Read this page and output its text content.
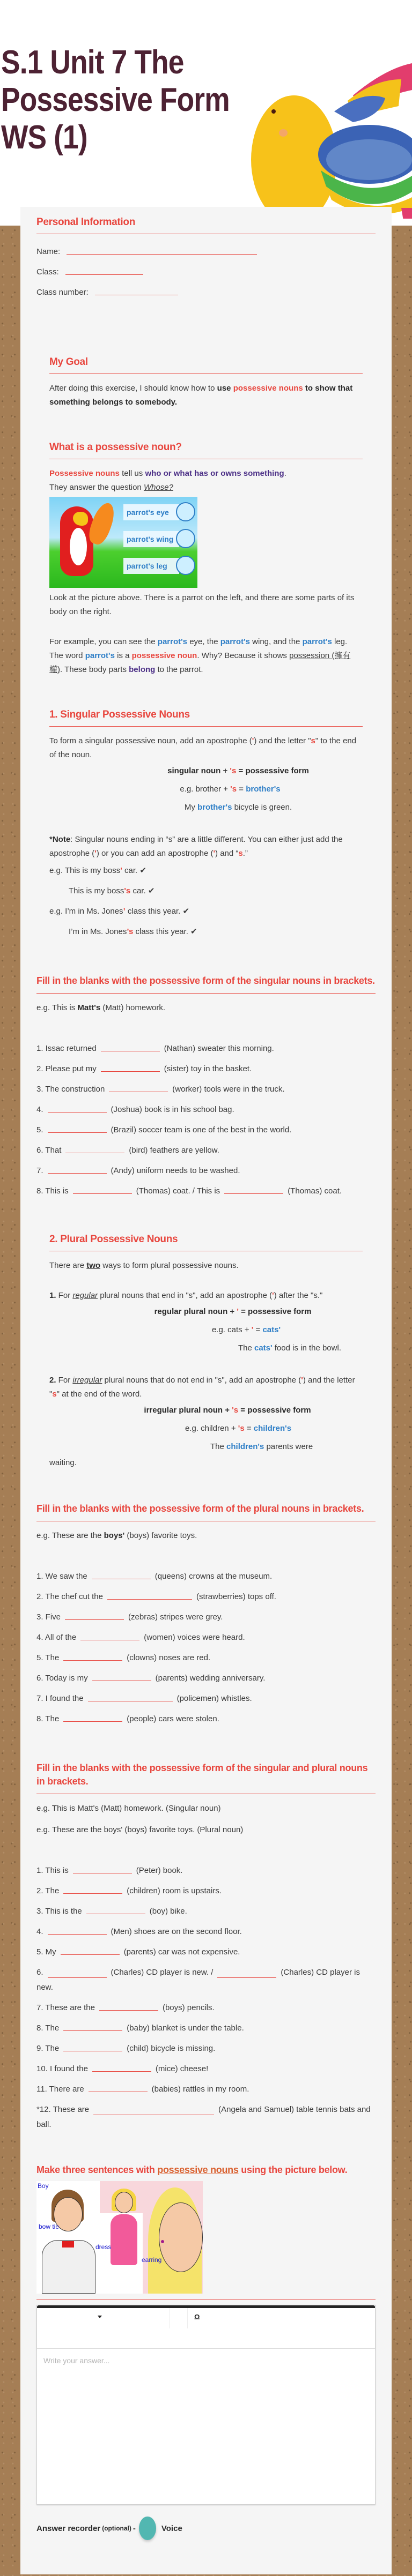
S.1 Unit 7 The Possessive Form WS (1)
Personal Information
Name:
Class:
Class number:
My Goal

After doing this exercise, I should know how to use possessive nouns to show that something belongs to somebody.

What is a possessive noun?

Possessive nouns tell us who or what has or owns something.

They answer the question Whose?

parrot's eye
parrot's wing
parrot's leg

Look at the picture above. There is a parrot on the left, and there are some parts of its body on the right.

For example, you can see the parrot's eye, the parrot's wing, and the parrot's leg. The word parrot's is a possessive noun. Why? Because it shows possession (擁有權). These body parts belong to the parrot.

1. Singular Possessive Nouns

To form a singular possessive noun, add an apostrophe (') and the letter "s" to the end of the noun.

singular noun + 's = possessive form

e.g. brother + 's = brother's

My brother's bicycle is green.

*Note: Singular nouns ending in “s” are a little different. You can either just add the apostrophe (') or you can add an apostrophe (') and “s.”

e.g. This is my boss' car. ✔

This is my boss's car. ✔

e.g. I’m in Ms. Jones’ class this year. ✔

I’m in Ms. Jones’s class this year. ✔

Fill in the blanks with the possessive form of the singular nouns in brackets.

e.g. This is Matt's (Matt) homework.

1. Issac returned	(Nathan) sweater this morning.

2. Please put my	(sister) toy in the basket.

3. The construction	(worker) tools were in the truck.

4.	(Joshua) book is in his school bag.

5.	(Brazil) soccer team is one of the best in the world.

6. That	(bird) feathers are yellow.

7.	(Andy) uniform needs to be washed.

8. This is	(Thomas) coat. / This is	(Thomas) coat.

2. Plural Possessive Nouns

There are two ways to form plural possessive nouns.

1. For regular plural nouns that end in "s", add an apostrophe (') after the "s."

regular plural noun + ' = possessive form

e.g. cats + ' = cats'

The cats' food is in the bowl.

2. For irregular plural nouns that do not end in "s", add an apostrophe (') and the letter "s" at the end of the word.

irregular plural noun + 's = possessive form

e.g. children + 's = children's

The children's parents were

waiting.

Fill in the blanks with the possessive form of the plural nouns in brackets.

e.g. These are the boys' (boys) favorite toys.

1. We saw the	(queens) crowns at the museum.

2. The chef cut the	(strawberries) tops off.

3. Five	(zebras) stripes were grey.

4. All of the	(women) voices were heard.

5. The	(clowns) noses are red.

6. Today is my	(parents) wedding anniversary.

7. I found the	(policemen) whistles.

8. The	(people) cars were stolen.

Fill in the blanks with the possessive form of the singular and plural nouns in brackets.

e.g. This is Matt's (Matt) homework. (Singular noun)

e.g. These are the boys' (boys) favorite toys. (Plural noun)

1. This is	(Peter) book.

2. The	(children) room is upstairs.

3. This is the	(boy) bike.

4.	(Men) shoes are on the second floor.

5. My	(parents) car was not expensive.

6.	(Charles) CD player is new. /	(Charles) CD player is new.

7. These are the	(boys) pencils.

8. The	(baby) blanket is under the table.

9. The	(child) bicycle is missing.

10. I found the	(mice) cheese!

11. There are	(babies) rattles in my room.

*12. These are	(Angela and Samuel) table tennis bats and ball.

Make three sentences with possessive nouns using the picture below.
Boy
bow tie
dress
earring
Ω
Write your answer...
Answer recorder (optional) -	Voice
